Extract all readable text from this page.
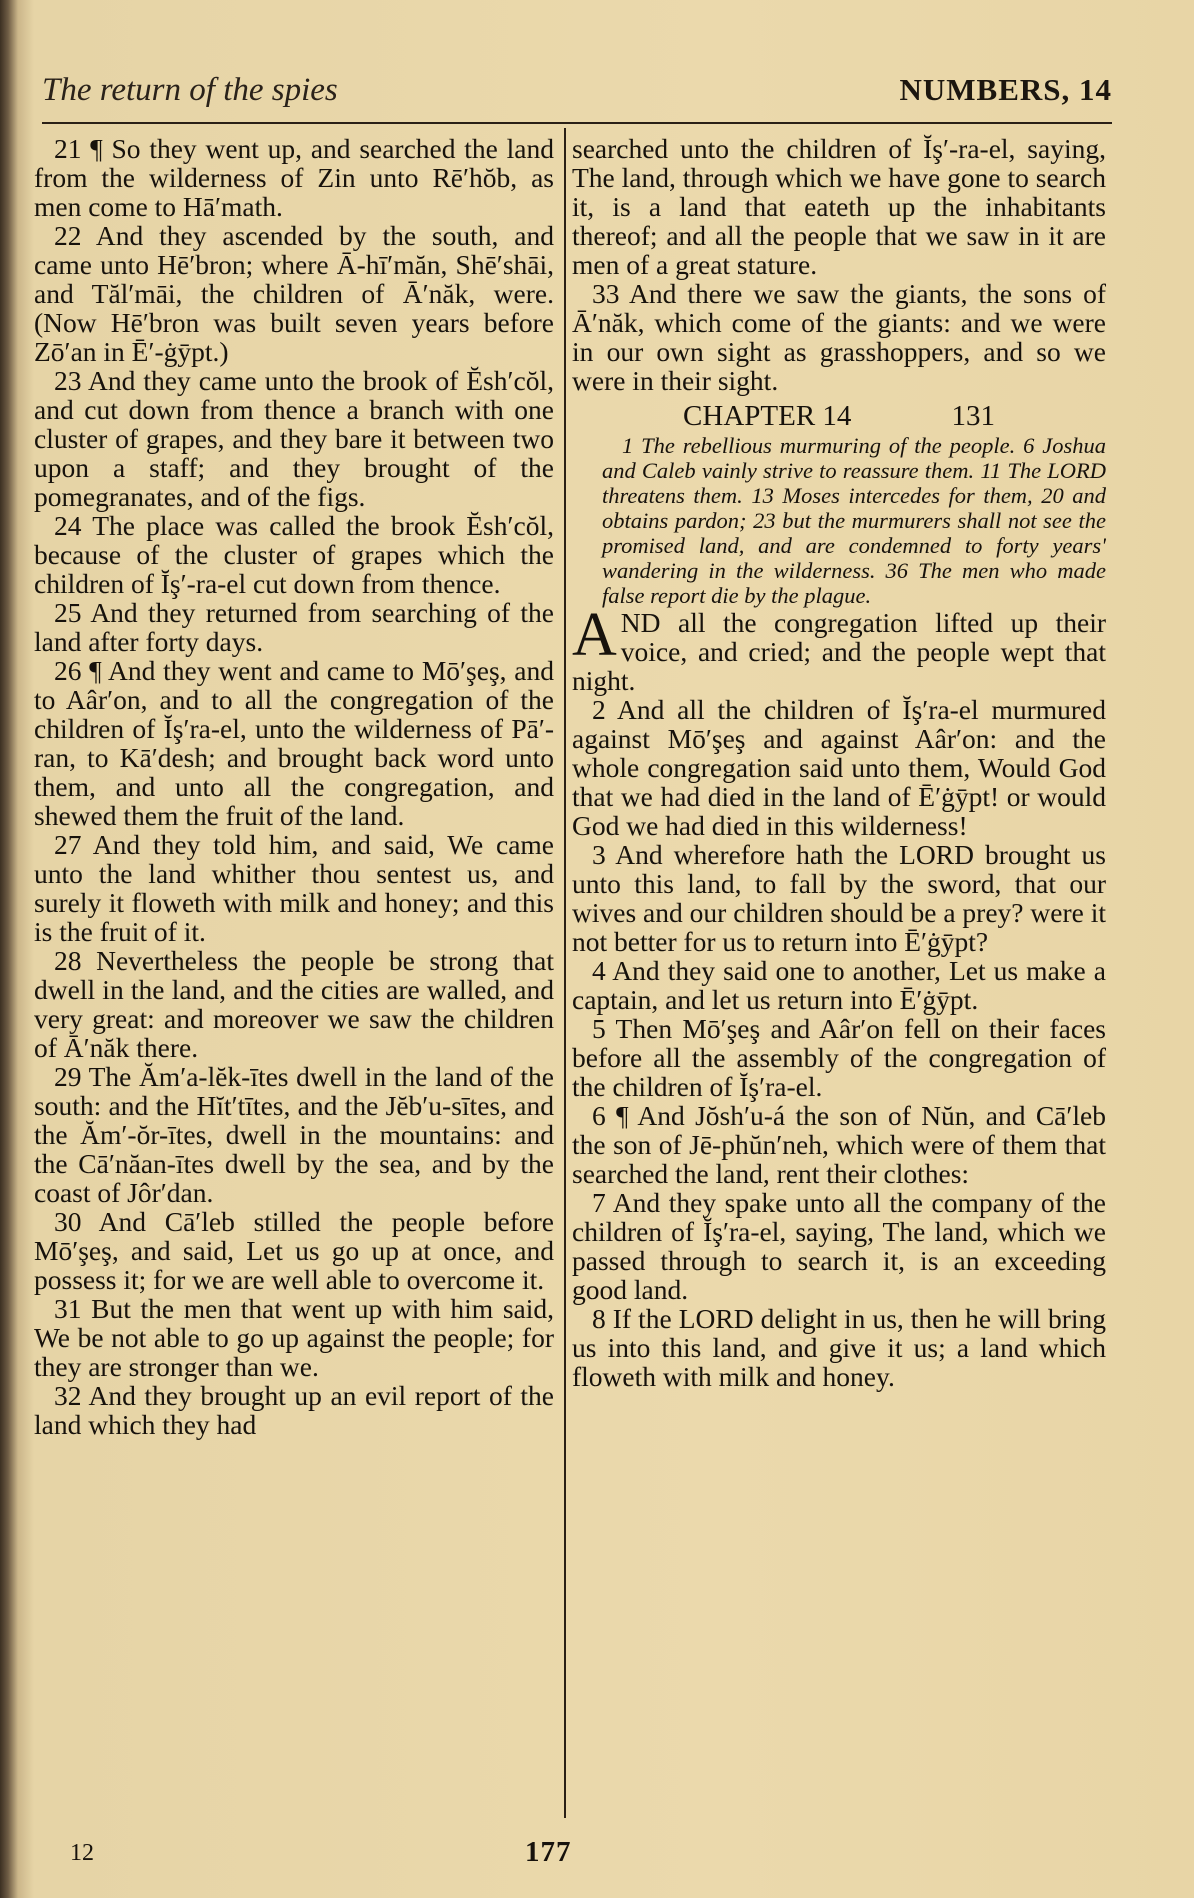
The return of the spies	NUMBERS, 14

21 ¶ So they went up, and searched the land from the wilderness of Zin unto Rē′hŏb, as men come to Hā′math.

22 And they ascended by the south, and came unto Hē′bron; where Ā-hī′măn, Shē′shāi, and Tăl′māi, the children of Ā′năk, were. (Now Hē′bron was built seven years before Zō′an in Ē′-ġȳpt.)

23 And they came unto the brook of Ĕsh′cŏl, and cut down from thence a branch with one cluster of grapes, and they bare it between two upon a staff; and they brought of the pomegranates, and of the figs.

24 The place was called the brook Ĕsh′cŏl, because of the cluster of grapes which the children of Ĭş′-ra-el cut down from thence.

25 And they returned from searching of the land after forty days.

26 ¶ And they went and came to Mō′şeş, and to Aâr′on, and to all the congregation of the children of Ĭş′ra-el, unto the wilderness of Pā′-ran, to Kā′desh; and brought back word unto them, and unto all the congregation, and shewed them the fruit of the land.

27 And they told him, and said, We came unto the land whither thou sentest us, and surely it floweth with milk and honey; and this is the fruit of it.

28 Nevertheless the people be strong that dwell in the land, and the cities are walled, and very great: and moreover we saw the children of Ā′năk there.

29 The Ăm′a-lĕk-ītes dwell in the land of the south: and the Hĭt′tītes, and the Jĕb′u-sītes, and the Ăm′-ŏr-ītes, dwell in the mountains: and the Cā′năan-ītes dwell by the sea, and by the coast of Jôr′dan.

30 And Cā′leb stilled the people before Mō′şeş, and said, Let us go up at once, and possess it; for we are well able to overcome it.

31 But the men that went up with him said, We be not able to go up against the people; for they are stronger than we.

32 And they brought up an evil report of the land which they had

searched unto the children of Ĭş′-ra-el, saying, The land, through which we have gone to search it, is a land that eateth up the inhabitants thereof; and all the people that we saw in it are men of a great stature.

33 And there we saw the giants, the sons of Ā′năk, which come of the giants: and we were in our own sight as grasshoppers, and so we were in their sight.

CHAPTER 14	131

1 The rebellious murmuring of the people. 6 Joshua and Caleb vainly strive to reassure them. 11 The LORD threatens them. 13 Moses intercedes for them, 20 and obtains pardon; 23 but the murmurers shall not see the promised land, and are condemned to forty years' wandering in the wilderness. 36 The men who made false report die by the plague.

AND all the congregation lifted up their voice, and cried; and the people wept that night.

2 And all the children of Ĭş′ra-el murmured against Mō′şeş and against Aâr′on: and the whole congregation said unto them, Would God that we had died in the land of Ē′ġȳpt! or would God we had died in this wilderness!

3 And wherefore hath the LORD brought us unto this land, to fall by the sword, that our wives and our children should be a prey? were it not better for us to return into Ē′ġȳpt?

4 And they said one to another, Let us make a captain, and let us return into Ē′ġȳpt.

5 Then Mō′şeş and Aâr′on fell on their faces before all the assembly of the congregation of the children of Ĭş′ra-el.

6 ¶ And Jŏsh′u-á the son of Nŭn, and Cā′leb the son of Jē-phŭn′neh, which were of them that searched the land, rent their clothes:

7 And they spake unto all the company of the children of Ĭş′ra-el, saying, The land, which we passed through to search it, is an exceeding good land.

8 If the LORD delight in us, then he will bring us into this land, and give it us; a land which floweth with milk and honey.

12	177
